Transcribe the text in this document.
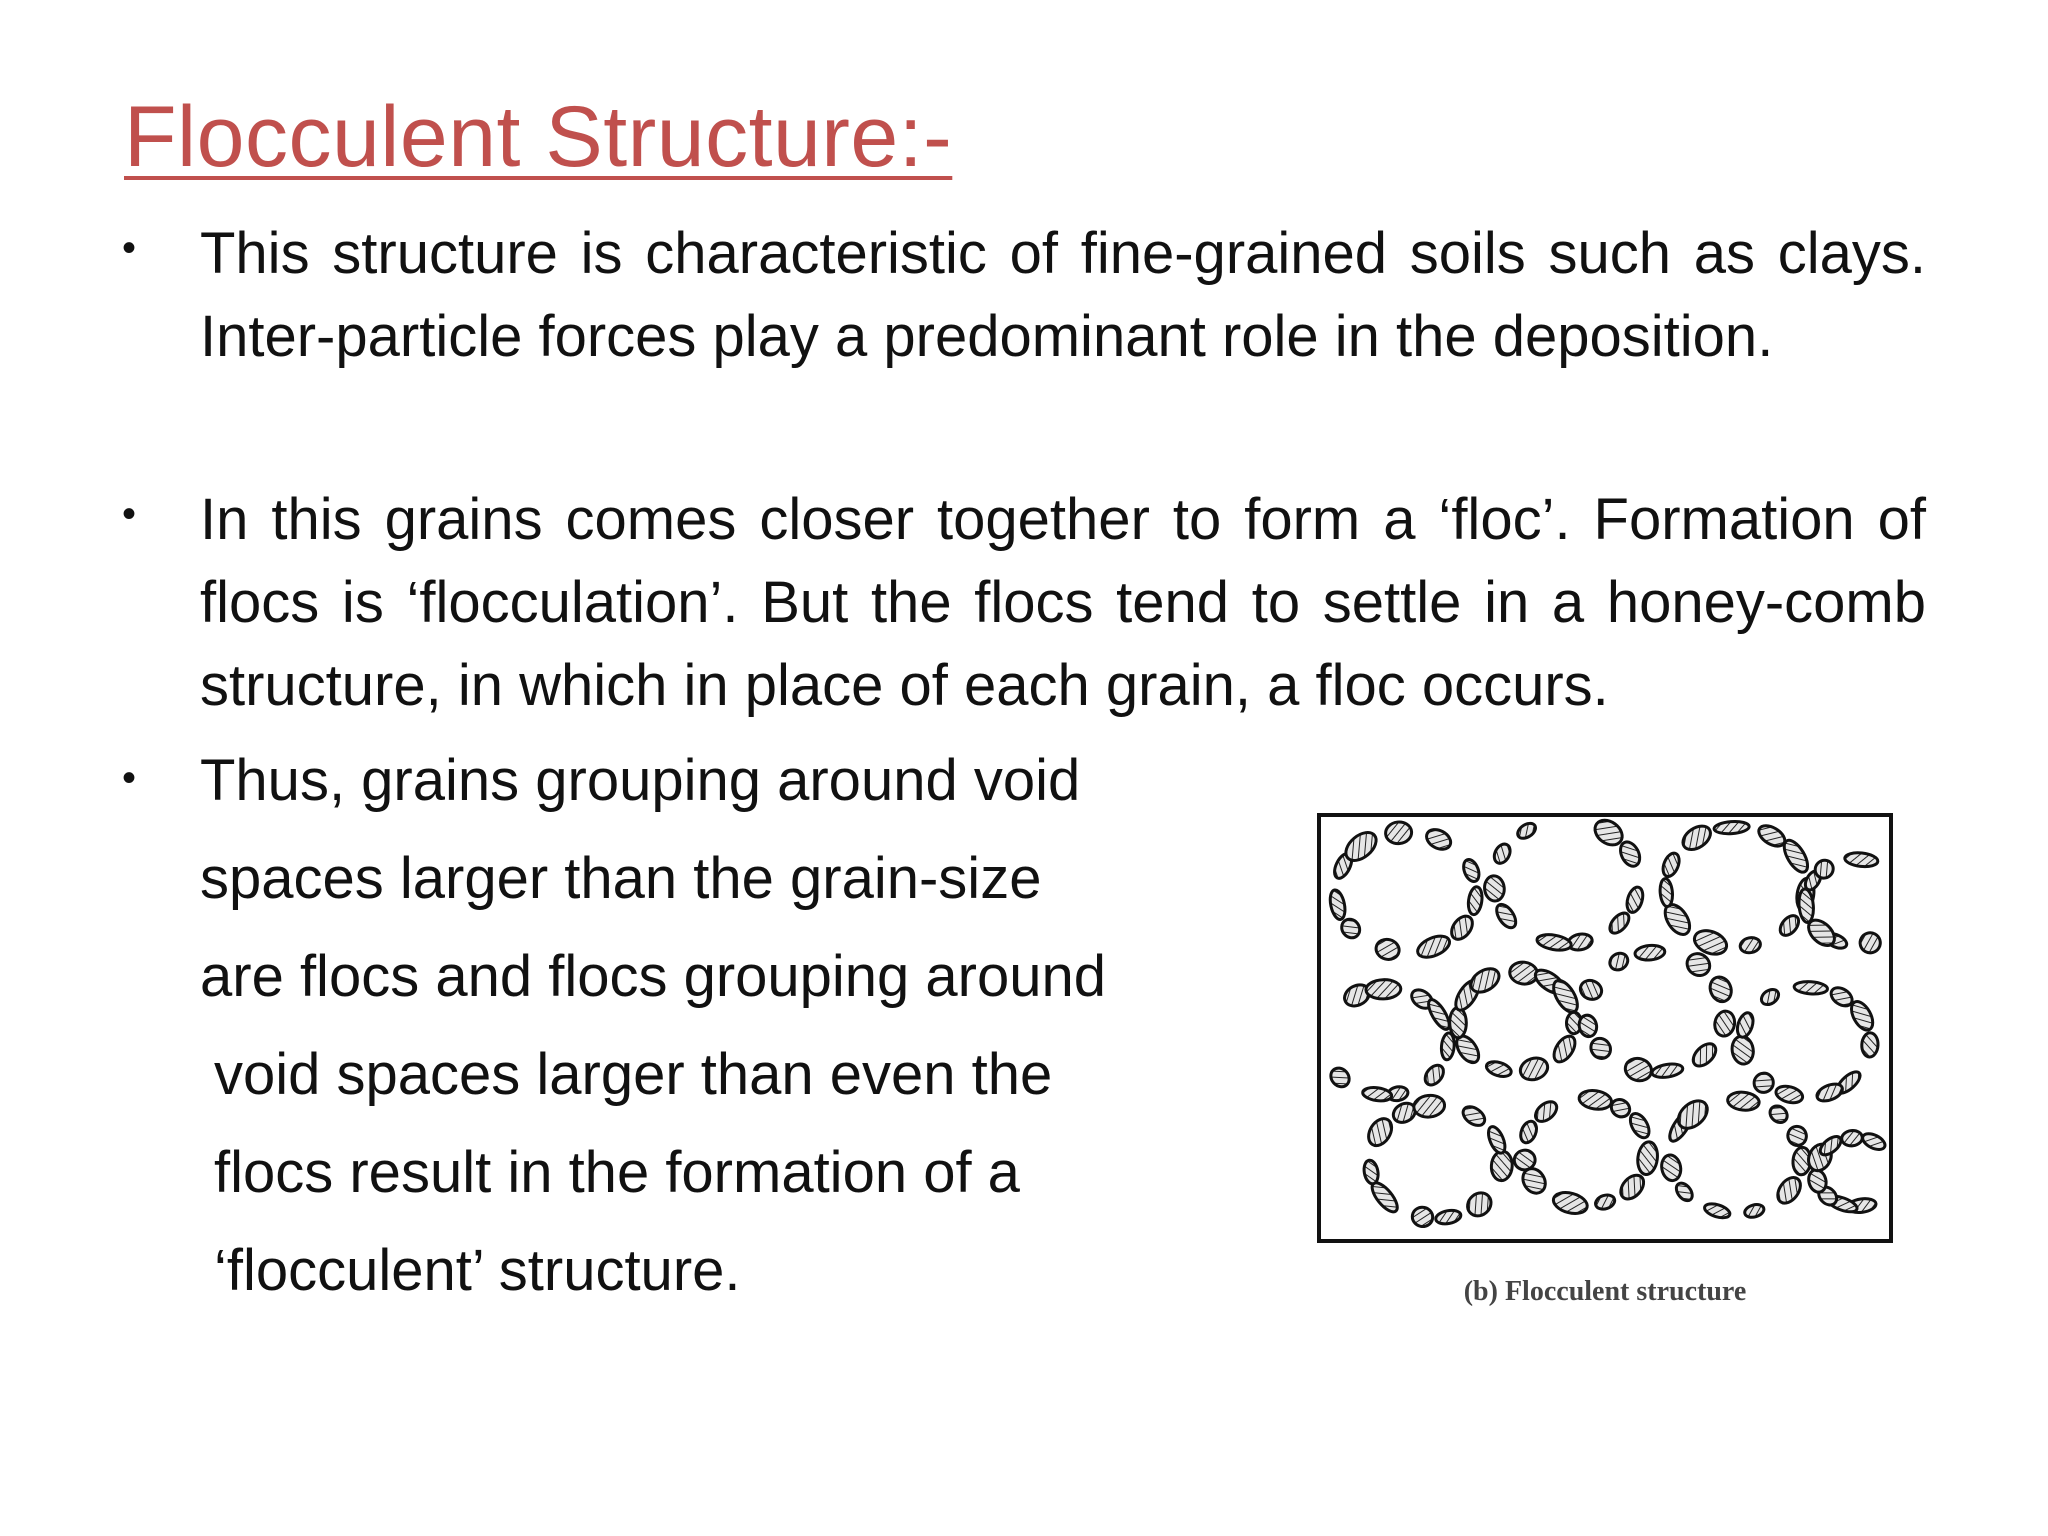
Flocculent Structure:-
• This structure is characteristic of fine-grained soils such as clays. Inter-particle forces play a predominant role in the deposition.

• In this grains comes closer together to form a ‘floc’. Formation of flocs is ‘flocculation’. But the flocs tend to settle in a honey-comb structure, in which in place of each grain, a floc occurs.

• Thus, grains grouping around void
spaces larger than the grain-size
are flocs and flocs grouping around
void spaces larger than even the
flocs result in the formation of a
‘flocculent’ structure.	(b) Flocculent structure
